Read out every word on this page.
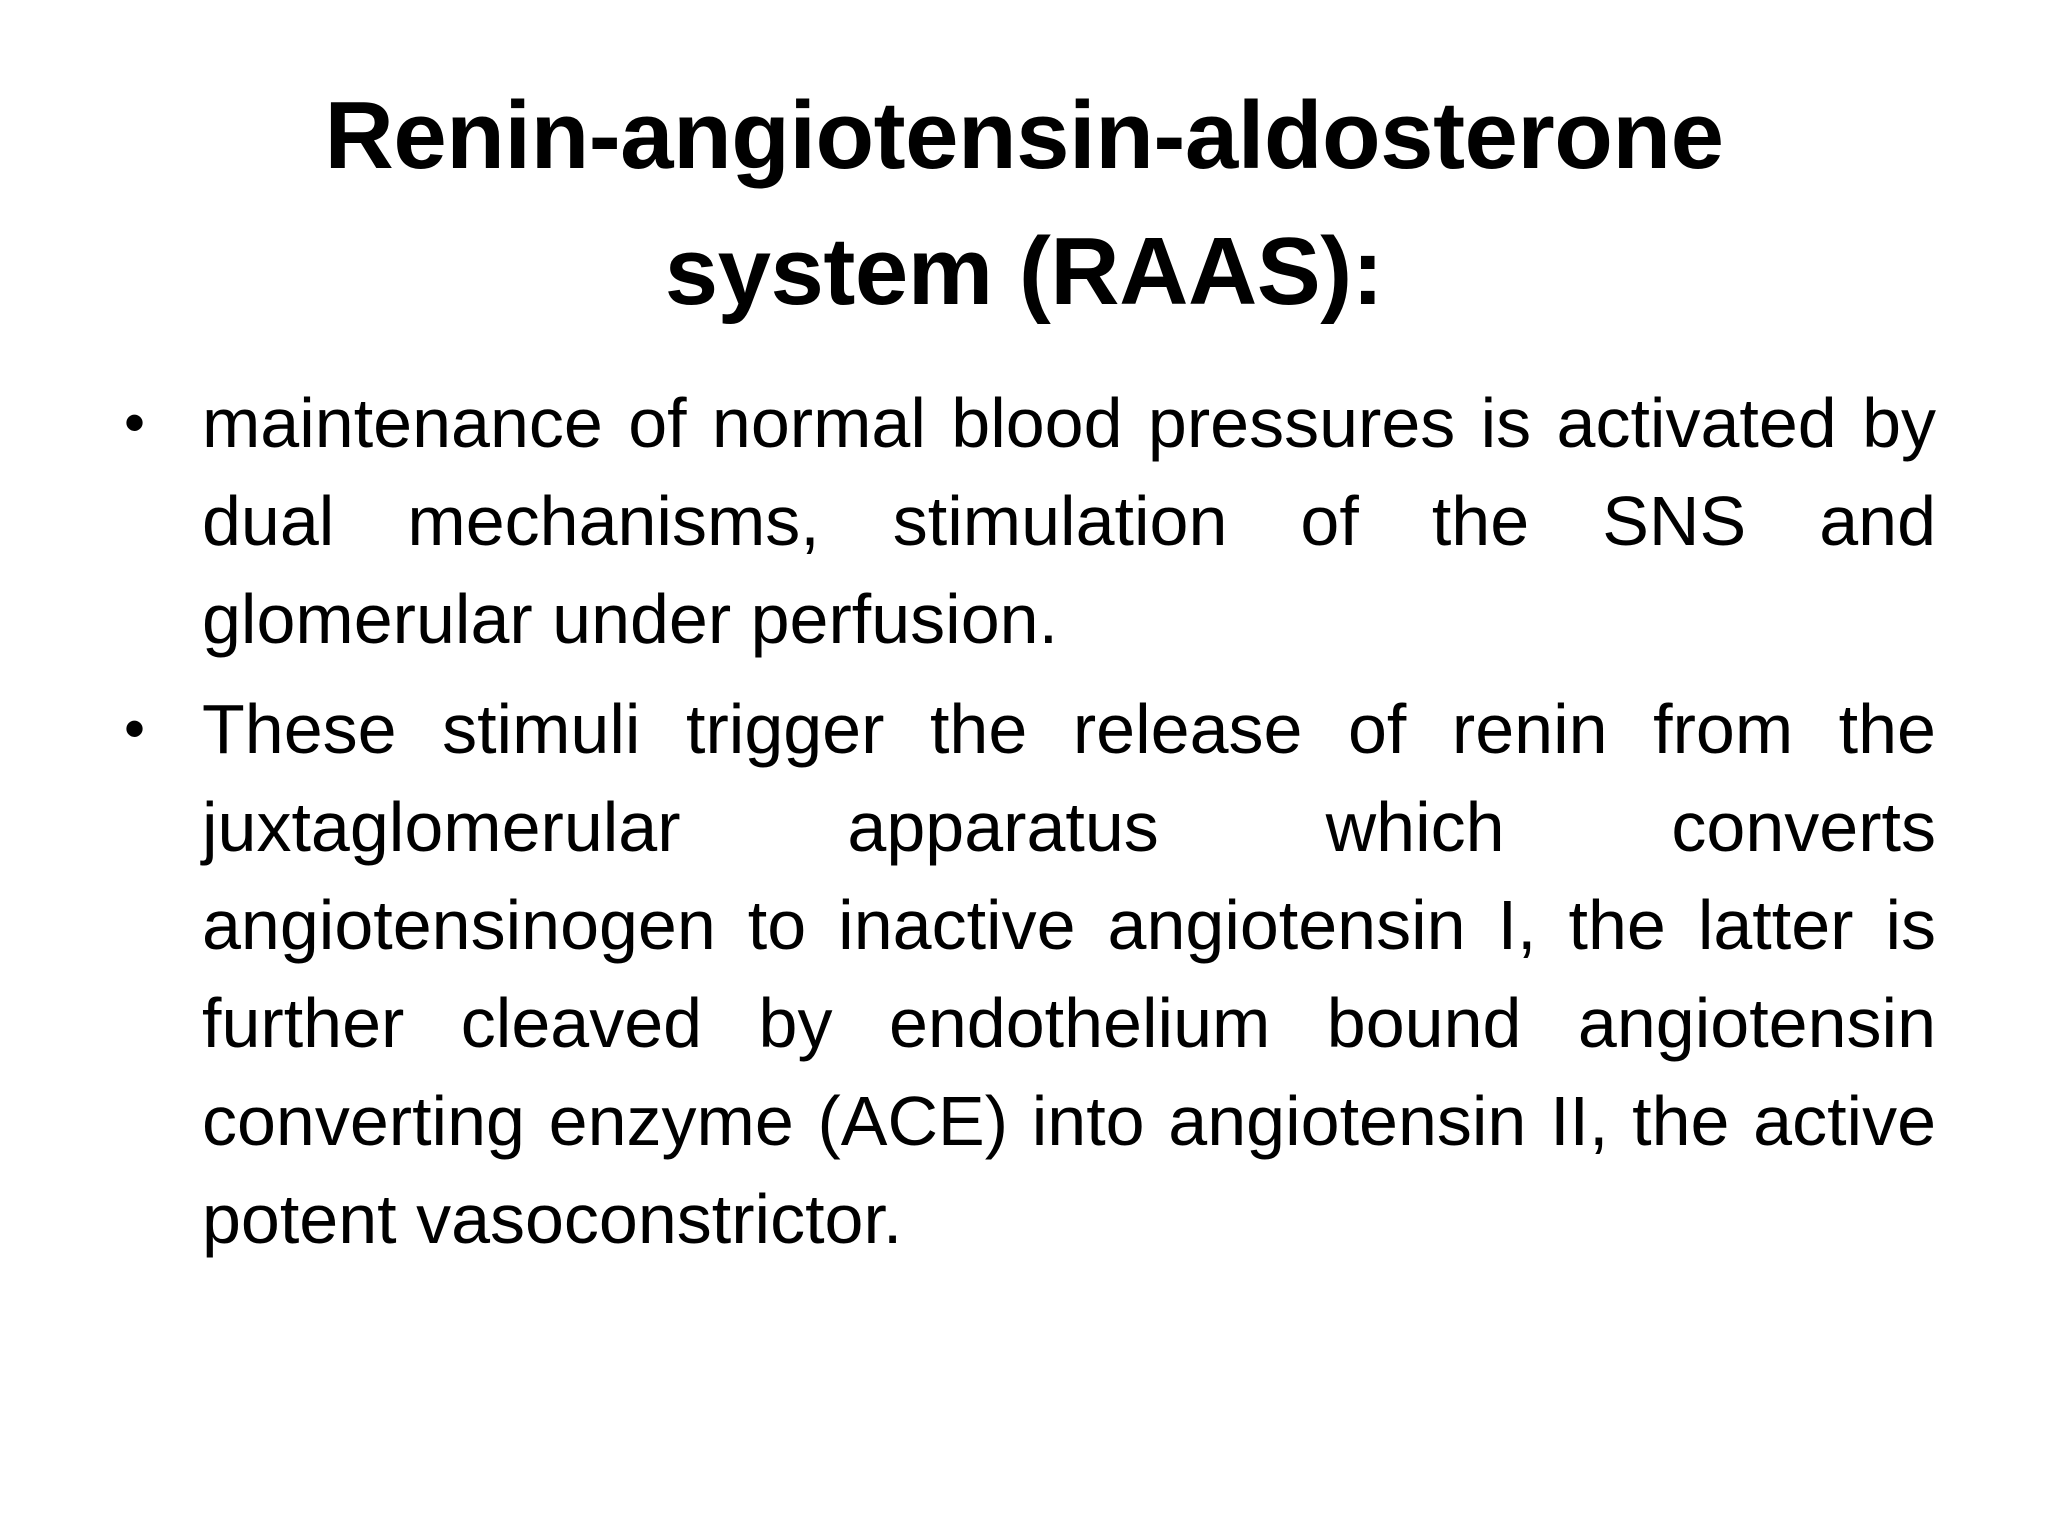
Renin-angiotensin-aldosterone
system (RAAS):
• maintenance of normal blood pressures is activated by dual mechanisms, stimulation of the SNS and glomerular under perfusion.
• These stimuli trigger the release of renin from the juxtaglomerular apparatus which converts angiotensinogen to inactive angiotensin I, the latter is further cleaved by endothelium bound angiotensin converting enzyme (ACE) into angiotensin II, the active potent vasoconstrictor.
